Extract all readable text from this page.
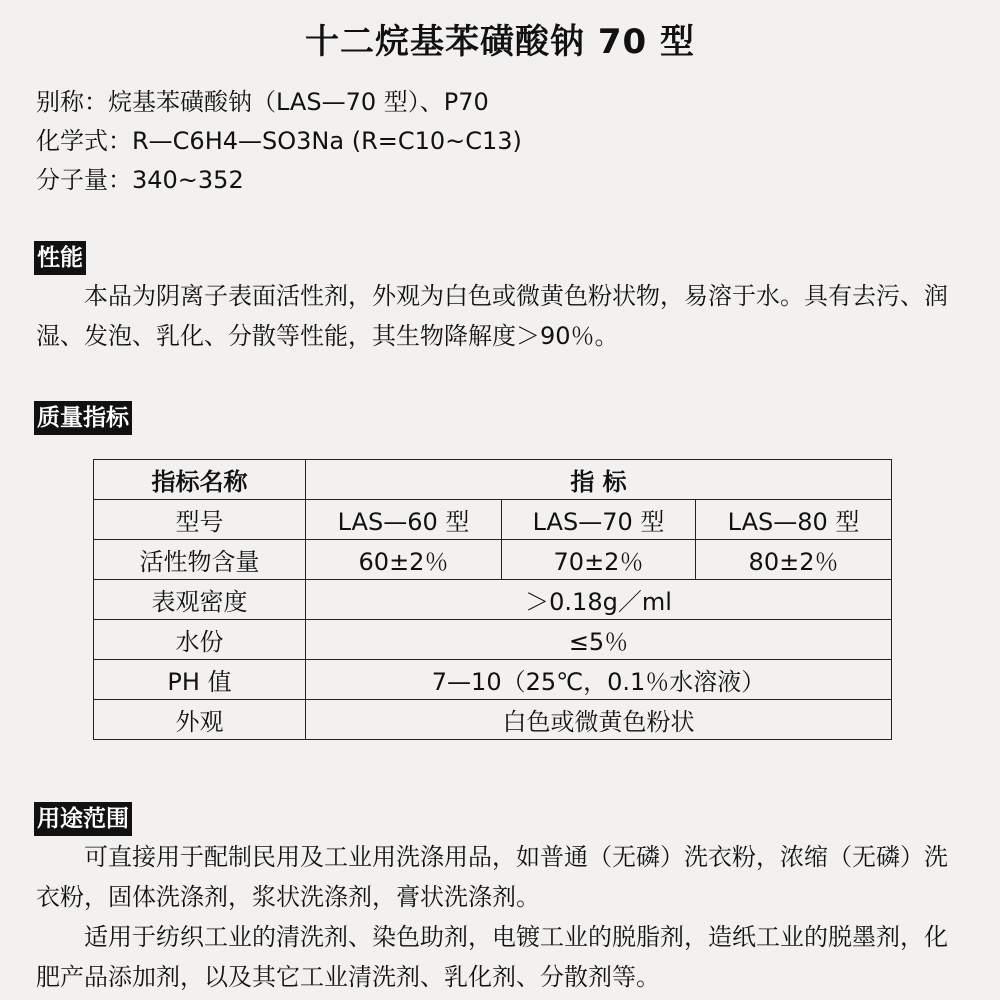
十二烷基苯磺酸钠 70 型
别称：烷基苯磺酸钠（LAS—70 型）、P70
化学式：R—C6H4—SO3Na (R=C10~C13)
分子量：340~352
性能
本品为阴离子表面活性剂，外观为白色或微黄色粉状物，易溶于水。具有去污、润湿、发泡、乳化、分散等性能，其生物降解度＞90％。
质量指标
指标名称	指 标		
型号	LAS—60 型	LAS—70 型	LAS—80 型
活性物含量	60±2％	70±2％	80±2％
表观密度	＞0.18g／ml		
水份	≤5％		
PH 值	7—10（25℃，0.1％水溶液）		
外观	白色或微黄色粉状		
用途范围
可直接用于配制民用及工业用洗涤用品，如普通（无磷）洗衣粉，浓缩（无磷）洗衣粉，固体洗涤剂，浆状洗涤剂，膏状洗涤剂。
适用于纺织工业的清洗剂、染色助剂，电镀工业的脱脂剂，造纸工业的脱墨剂，化肥产品添加剂，以及其它工业清洗剂、乳化剂、分散剂等。
